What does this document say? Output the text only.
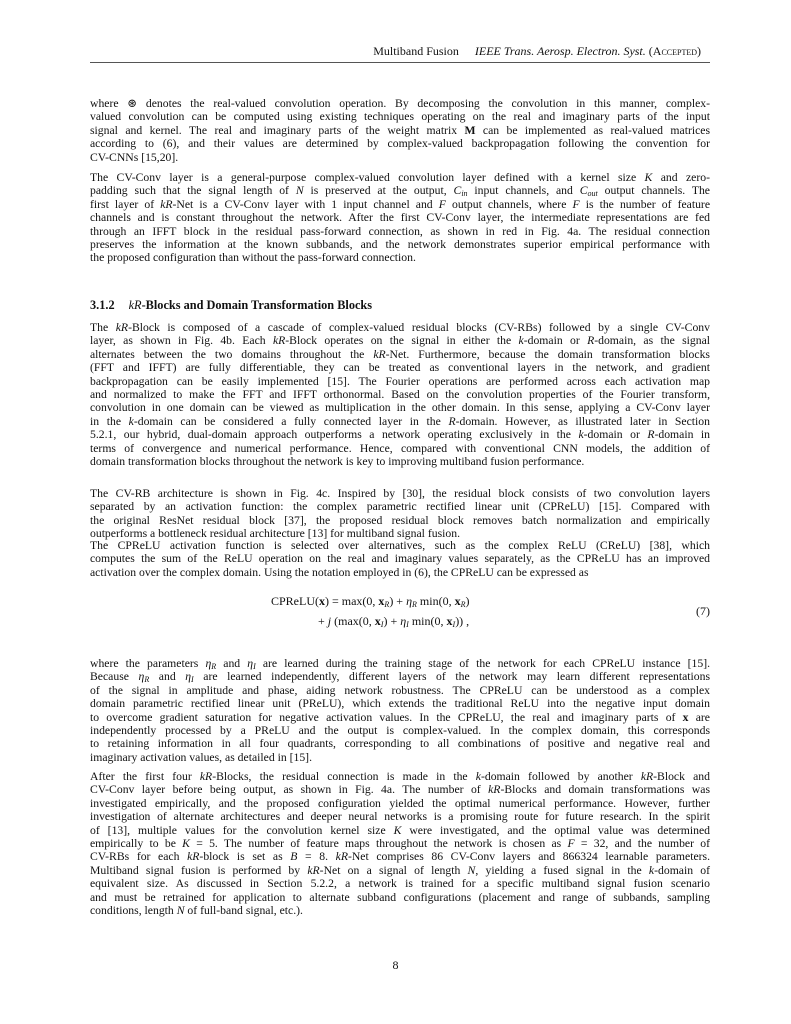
Multiband Fusion IEEE Trans. Aerosp. Electron. Syst. (Accepted)
where ⊛ denotes the real-valued convolution operation. By decomposing the convolution in this manner, complex-
valued convolution can be computed using existing techniques operating on the real and imaginary parts of the input
signal and kernel. The real and imaginary parts of the weight matrix M can be implemented as real-valued matrices
according to (6), and their values are determined by complex-valued backpropagation following the convention for
CV-CNNs [15,20].
The CV-Conv layer is a general-purpose complex-valued convolution layer defined with a kernel size K and zero-
padding such that the signal length of N is preserved at the output, $C_{in}$ input channels, and $C_{out}$ output channels. The
first layer of kR-Net is a CV-Conv layer with 1 input channel and F output channels, where F is the number of feature
channels and is constant throughout the network. After the first CV-Conv layer, the intermediate representations are fed
through an IFFT block in the residual pass-forward connection, as shown in red in Fig. 4a. The residual connection
preserves the information at the known subbands, and the network demonstrates superior empirical performance with
the proposed configuration than without the pass-forward connection.
3.1.2 kR-Blocks and Domain Transformation Blocks
The kR-Block is composed of a cascade of complex-valued residual blocks (CV-RBs) followed by a single CV-Conv
layer, as shown in Fig. 4b. Each kR-Block operates on the signal in either the k-domain or R-domain, as the signal
alternates between the two domains throughout the kR-Net. Furthermore, because the domain transformation blocks
(FFT and IFFT) are fully differentiable, they can be treated as conventional layers in the network, and gradient
backpropagation can be easily implemented [15]. The Fourier operations are performed across each activation map
and normalized to make the FFT and IFFT orthonormal. Based on the convolution properties of the Fourier transform,
convolution in one domain can be viewed as multiplication in the other domain. In this sense, applying a CV-Conv layer
in the k-domain can be considered a fully connected layer in the R-domain. However, as illustrated later in Section
5.2.1, our hybrid, dual-domain approach outperforms a network operating exclusively in the k-domain or R-domain in
terms of convergence and numerical performance. Hence, compared with conventional CNN models, the addition of
domain transformation blocks throughout the network is key to improving multiband fusion performance.
The CV-RB architecture is shown in Fig. 4c. Inspired by [30], the residual block consists of two convolution layers
separated by an activation function: the complex parametric rectified linear unit (CPReLU) [15]. Compared with
the original ResNet residual block [37], the proposed residual block removes batch normalization and empirically
outperforms a bottleneck residual architecture [13] for multiband signal fusion.
The CPReLU activation function is selected over alternatives, such as the complex ReLU (CReLU) [38], which
computes the sum of the ReLU operation on the real and imaginary values separately, as the CPReLU has an improved
activation over the complex domain. Using the notation employed in (6), the CPReLU can be expressed as
CPReLU(x) = max(0, $x_R) + \eta_R$ min(0, $x_R$)
+ j (max(0, $x_I) + \eta_I$ min(0, $x_I$)) ,
(7)
where the parameters $\eta_R$ and $\eta_I$ are learned during the training stage of the network for each CPReLU instance [15].
Because $\eta_R$ and $\eta_I$ are learned independently, different layers of the network may learn different representations
of the signal in amplitude and phase, aiding network robustness. The CPReLU can be understood as a complex
domain parametric rectified linear unit (PReLU), which extends the traditional ReLU into the negative input domain
to overcome gradient saturation for negative activation values. In the CPReLU, the real and imaginary parts of x are
independently processed by a PReLU and the output is complex-valued. In the complex domain, this corresponds
to retaining information in all four quadrants, corresponding to all combinations of positive and negative real and
imaginary activation values, as detailed in [15].
After the first four kR-Blocks, the residual connection is made in the k-domain followed by another kR-Block and
CV-Conv layer before being output, as shown in Fig. 4a. The number of kR-Blocks and domain transformations was
investigated empirically, and the proposed configuration yielded the optimal numerical performance. However, further
investigation of alternate architectures and deeper neural networks is a promising route for future research. In the spirit
of [13], multiple values for the convolution kernel size K were investigated, and the optimal value was determined
empirically to be K = 5. The number of feature maps throughout the network is chosen as F = 32, and the number of
CV-RBs for each kR-block is set as B = 8. kR-Net comprises 86 CV-Conv layers and 866324 learnable parameters.
Multiband signal fusion is performed by kR-Net on a signal of length N, yielding a fused signal in the k-domain of
equivalent size. As discussed in Section 5.2.2, a network is trained for a specific multiband signal fusion scenario
and must be retrained for application to alternate subband configurations (placement and range of subbands, sampling
conditions, length N of full-band signal, etc.).
8
